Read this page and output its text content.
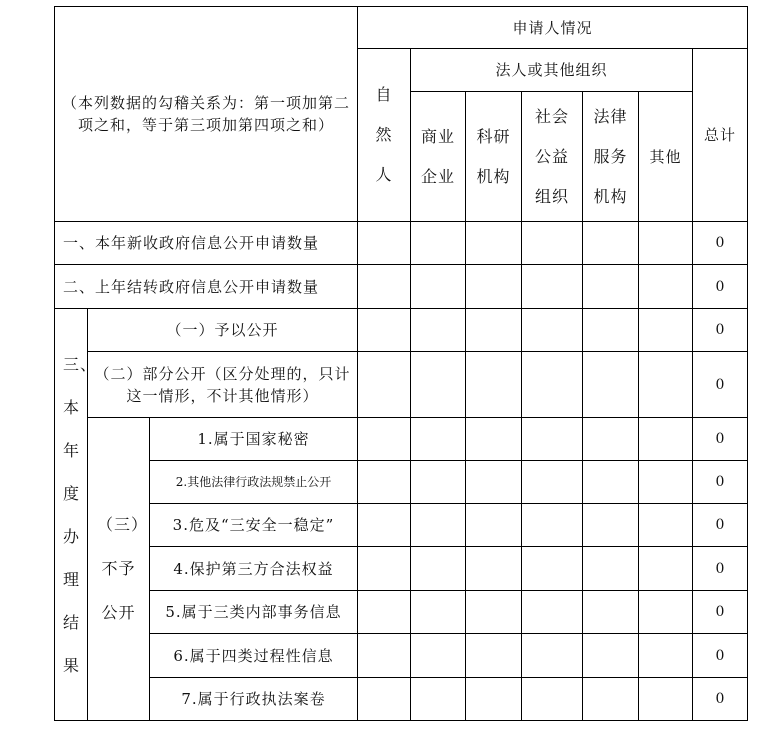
（本列数据的勾稽关系为：第一项加第二项之和，等于第三项加第四项之和）			申请人情况						
			自然人	法人或其他组织					总计
				商业企业	科研机构	社会公益组织	法律服务机构	其他	
一、本年新收政府信息公开申请数量									0
二、上年结转政府信息公开申请数量									0
三、本年度办理结果	（一）予以公开								0
	（二）部分公开（区分处理的，只计这一情形，不计其他情形）								0
	（三）不予公开	1.属于国家秘密							0
		2.其他法律行政法规禁止公开							0
		3.危及“三安全一稳定”							0
		4.保护第三方合法权益							0
		5.属于三类内部事务信息							0
		6.属于四类过程性信息							0
		7.属于行政执法案卷							0
